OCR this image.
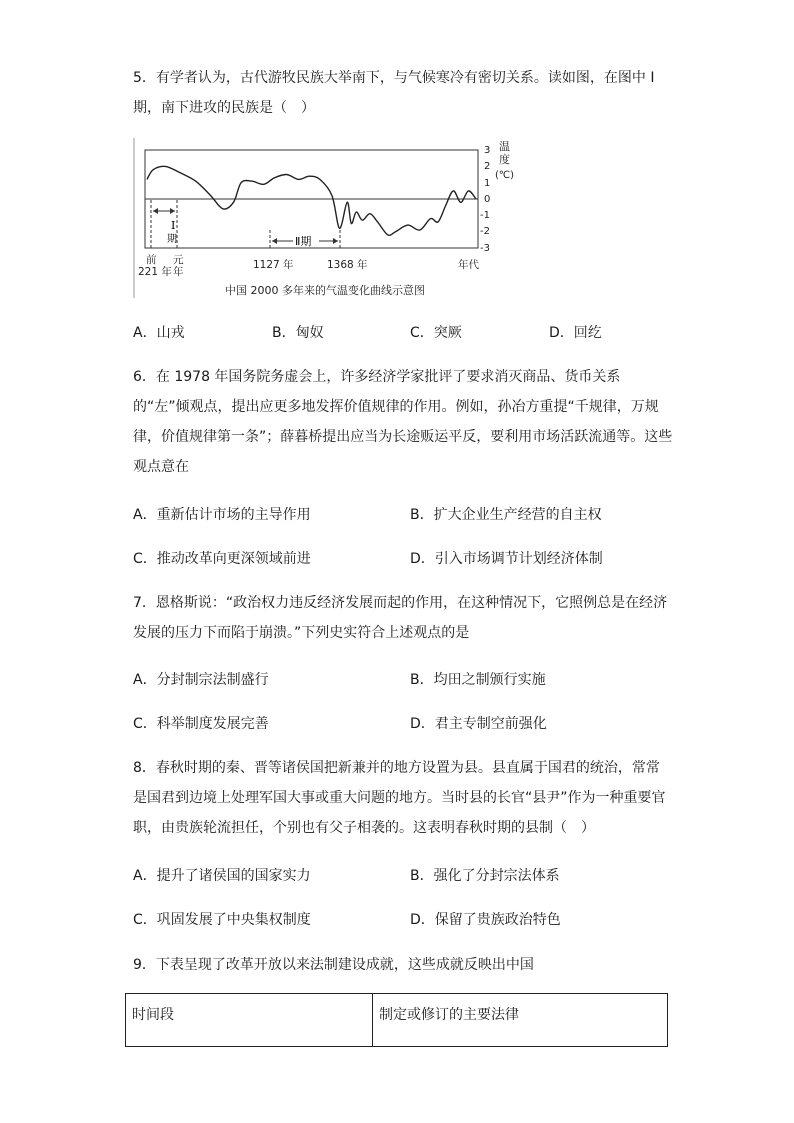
5．有学者认为，古代游牧民族大举南下，与气候寒冷有密切关系。读如图，在图中 I 期，南下进攻的民族是（　）

I
期	Ⅱ期
3
2
1
0
-1
-2
-3
温
度
(℃)
前
221 年
元
年
1127 年	1368 年	年代
中国 2000 多年来的气温变化曲线示意图
A．山戎	B．匈奴	C．突厥	D．回纥

6．在 1978 年国务院务虚会上，许多经济学家批评了要求消灭商品、货币关系的“左”倾观点，提出应更多地发挥价值规律的作用。例如，孙冶方重提“千规律，万规律，价值规律第一条”；薛暮桥提出应当为长途贩运平反，要利用市场活跃流通等。这些观点意在

A．重新估计市场的主导作用	B．扩大企业生产经营的自主权
C．推动改革向更深领域前进	D．引入市场调节计划经济体制

7．恩格斯说：“政治权力违反经济发展而起的作用，在这种情况下，它照例总是在经济发展的压力下而陷于崩溃。”下列史实符合上述观点的是

A．分封制宗法制盛行	B．均田之制颁行实施
C．科举制度发展完善	D．君主专制空前强化

8．春秋时期的秦、晋等诸侯国把新兼并的地方设置为县。县直属于国君的统治，常常是国君到边境上处理军国大事或重大问题的地方。当时县的长官“县尹”作为一种重要官职，由贵族轮流担任，个别也有父子相袭的。这表明春秋时期的县制（　）

A．提升了诸侯国的国家实力	B．强化了分封宗法体系
C．巩固发展了中央集权制度	D．保留了贵族政治特色

9．下表呈现了改革开放以来法制建设成就，这些成就反映出中国

时间段	制定或修订的主要法律
